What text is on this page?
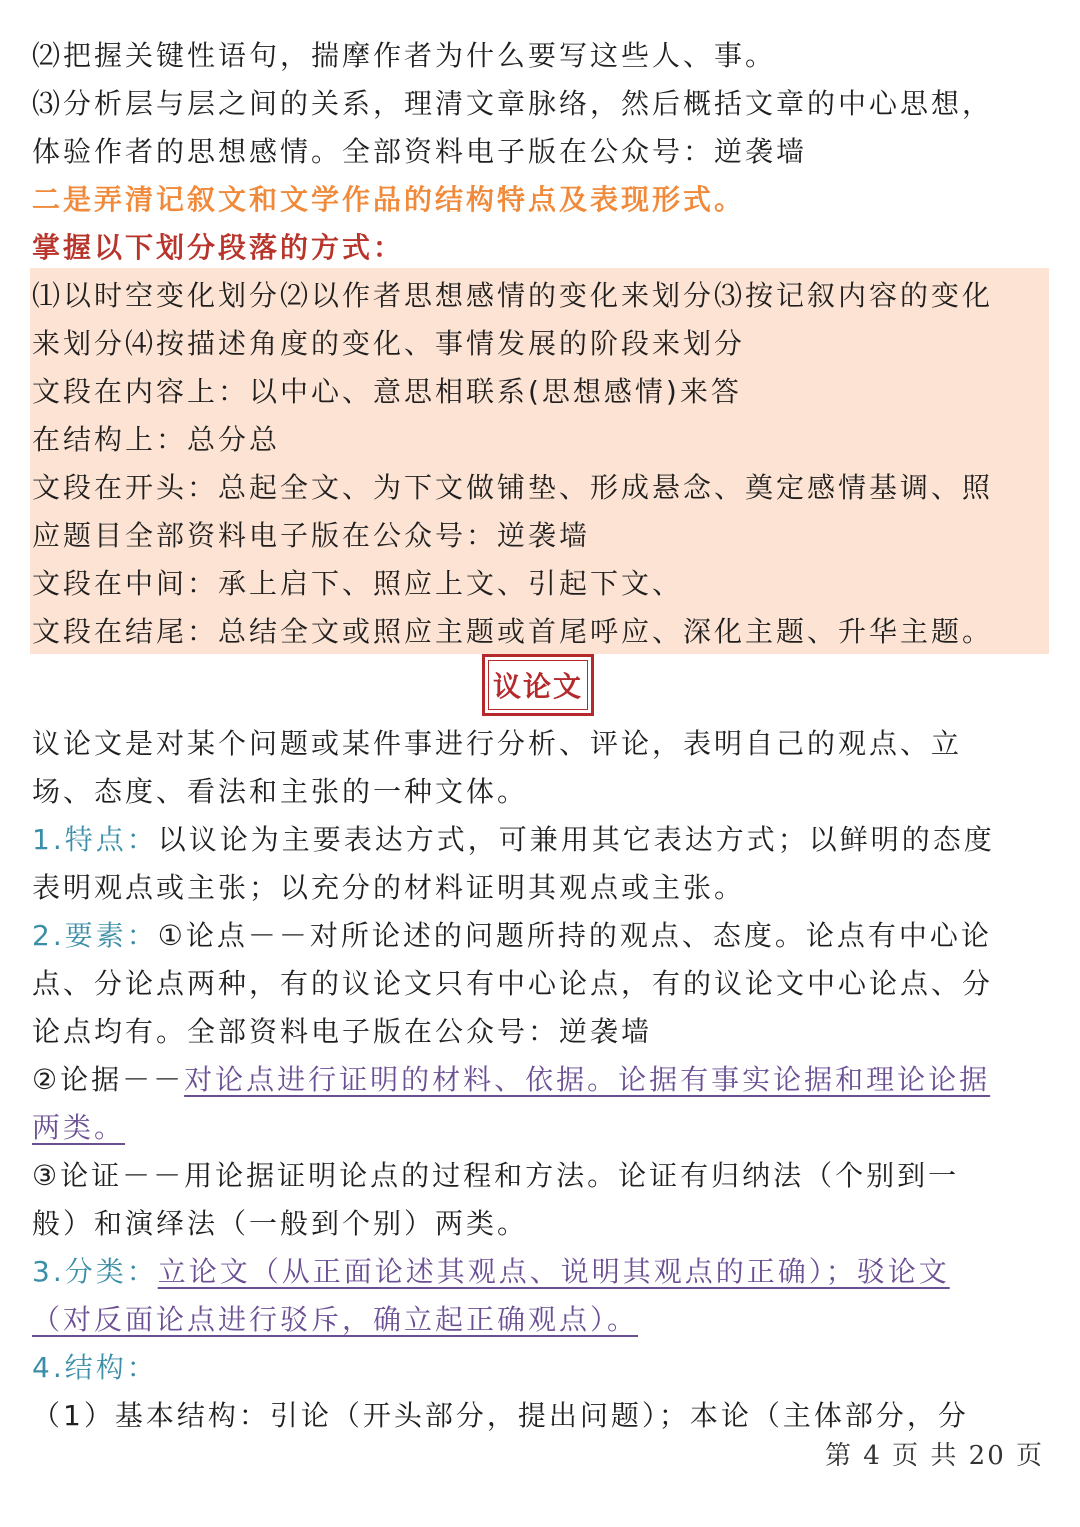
⑵把握关键性语句，揣摩作者为什么要写这些人、事。
⑶分析层与层之间的关系，理清文章脉络，然后概括文章的中心思想，
体验作者的思想感情。全部资料电子版在公众号：逆袭墙
二是弄清记叙文和文学作品的结构特点及表现形式。
掌握以下划分段落的方式：
⑴以时空变化划分⑵以作者思想感情的变化来划分⑶按记叙内容的变化
来划分⑷按描述角度的变化、事情发展的阶段来划分
文段在内容上：以中心、意思相联系(思想感情)来答
在结构上：总分总
文段在开头：总起全文、为下文做铺垫、形成悬念、奠定感情基调、照
应题目全部资料电子版在公众号：逆袭墙
文段在中间：承上启下、照应上文、引起下文、
文段在结尾：总结全文或照应主题或首尾呼应、深化主题、升华主题。
议论文
议论文是对某个问题或某件事进行分析、评论，表明自己的观点、立
场、态度、看法和主张的一种文体。
1.特点：以议论为主要表达方式，可兼用其它表达方式；以鲜明的态度
表明观点或主张；以充分的材料证明其观点或主张。
2.要素：①论点－－对所论述的问题所持的观点、态度。论点有中心论
点、分论点两种，有的议论文只有中心论点，有的议论文中心论点、分
论点均有。全部资料电子版在公众号：逆袭墙
②论据－－对论点进行证明的材料、依据。论据有事实论据和理论论据
两类。
③论证－－用论据证明论点的过程和方法。论证有归纳法（个别到一
般）和演绎法（一般到个别）两类。
3.分类：立论文（从正面论述其观点、说明其观点的正确）；驳论文
（对反面论点进行驳斥，确立起正确观点）。
4.结构：
（1）基本结构：引论（开头部分，提出问题）；本论（主体部分，分
第 4 页 共 20 页
